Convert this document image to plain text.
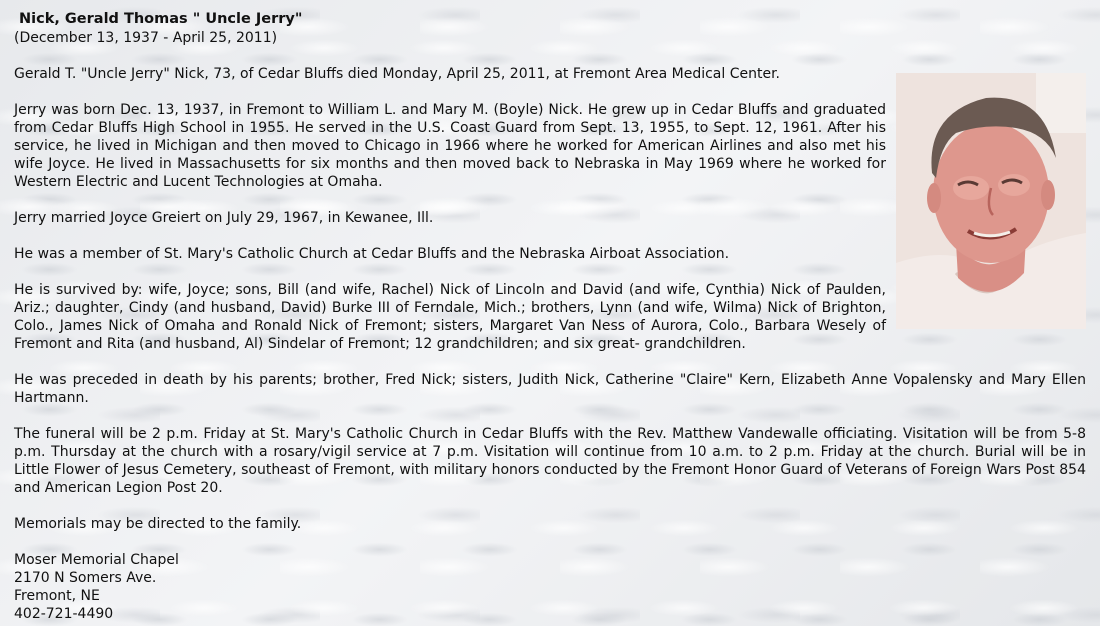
Nick, Gerald Thomas " Uncle Jerry"
(December 13, 1937 - April 25, 2011)

Gerald T. "Uncle Jerry" Nick, 73, of Cedar Bluffs died Monday, April 25, 2011, at Fremont Area Medical Center.

Jerry was born Dec. 13, 1937, in Fremont to William L. and Mary M. (Boyle) Nick. He grew up in Cedar Bluffs and graduated from Cedar Bluffs High School in 1955. He served in the U.S. Coast Guard from Sept. 13, 1955, to Sept. 12, 1961. After his service, he lived in Michigan and then moved to Chicago in 1966 where he worked for American Airlines and also met his wife Joyce. He lived in Massachusetts for six months and then moved back to Nebraska in May 1969 where he worked for Western Electric and Lucent Technologies at Omaha.

Jerry married Joyce Greiert on July 29, 1967, in Kewanee, Ill.

He was a member of St. Mary's Catholic Church at Cedar Bluffs and the Nebraska Airboat Association.

He is survived by: wife, Joyce; sons, Bill (and wife, Rachel) Nick of Lincoln and David (and wife, Cynthia) Nick of Paulden, Ariz.; daughter, Cindy (and husband, David) Burke III of Ferndale, Mich.; brothers, Lynn (and wife, Wilma) Nick of Brighton, Colo., James Nick of Omaha and Ronald Nick of Fremont; sisters, Margaret Van Ness of Aurora, Colo., Barbara Wesely of Fremont and Rita (and husband, Al) Sindelar of Fremont; 12 grandchildren; and six great- grandchildren.

He was preceded in death by his parents; brother, Fred Nick; sisters, Judith Nick, Catherine "Claire" Kern, Elizabeth Anne Vopalensky and Mary Ellen Hartmann.

The funeral will be 2 p.m. Friday at St. Mary's Catholic Church in Cedar Bluffs with the Rev. Matthew Vandewalle officiating. Visitation will be from 5-8 p.m. Thursday at the church with a rosary/vigil service at 7 p.m. Visitation will continue from 10 a.m. to 2 p.m. Friday at the church. Burial will be in Little Flower of Jesus Cemetery, southeast of Fremont, with military honors conducted by the Fremont Honor Guard of Veterans of Foreign Wars Post 854 and American Legion Post 20.

Memorials may be directed to the family.

Moser Memorial Chapel
2170 N Somers Ave.
Fremont, NE
402-721-4490
